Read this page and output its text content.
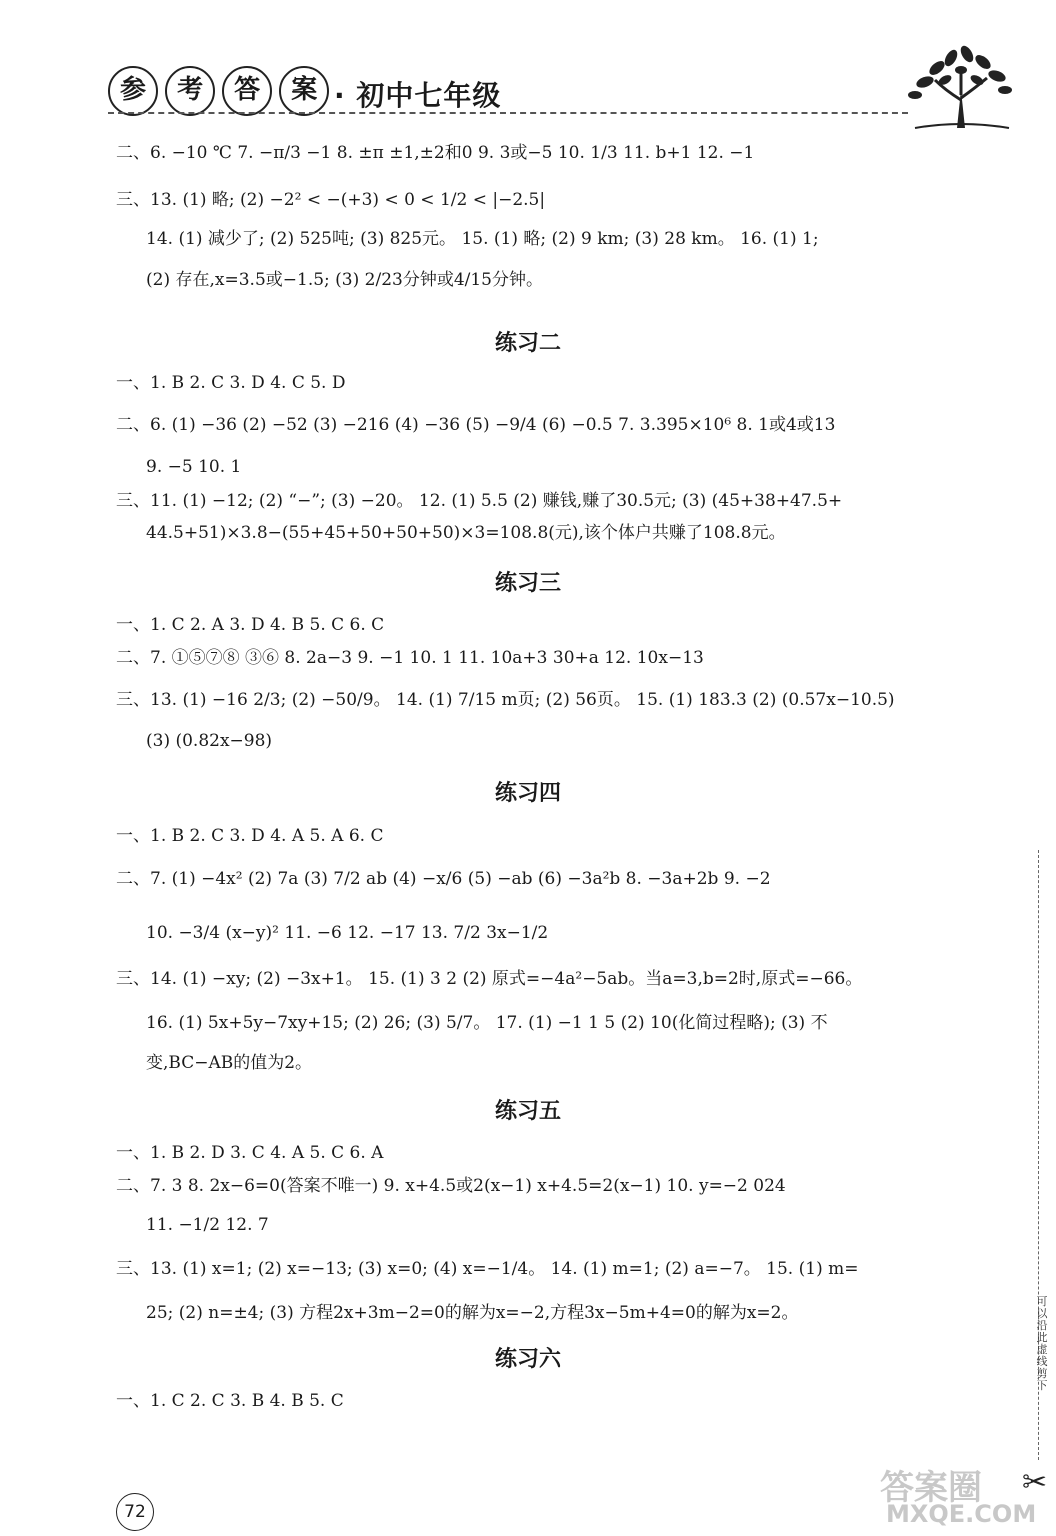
参 考 答 案 · 初中七年级
二、6. −10 ℃ 7. −π/3 −1 8. ±π ±1,±2和0 9. 3或−5 10. 1/3 11. b+1 12. −1
三、13. (1) 略; (2) −2² < −(+3) < 0 < 1/2 < |−2.5|
14. (1) 减少了; (2) 525吨; (3) 825元。 15. (1) 略; (2) 9 km; (3) 28 km。 16. (1) 1;
(2) 存在,x=3.5或−1.5; (3) 2/23分钟或4/15分钟。
练习二
一、1. B 2. C 3. D 4. C 5. D
二、6. (1) −36 (2) −52 (3) −216 (4) −36 (5) −9/4 (6) −0.5 7. 3.395×10⁶ 8. 1或4或13
9. −5 10. 1
三、11. (1) −12; (2) “−”; (3) −20。 12. (1) 5.5 (2) 赚钱,赚了30.5元; (3) (45+38+47.5+
44.5+51)×3.8−(55+45+50+50+50)×3=108.8(元),该个体户共赚了108.8元。
练习三
一、1. C 2. A 3. D 4. B 5. C 6. C
二、7. ①⑤⑦⑧ ③⑥ 8. 2a−3 9. −1 10. 1 11. 10a+3 30+a 12. 10x−13
三、13. (1) −16 2/3; (2) −50/9。 14. (1) 7/15 m页; (2) 56页。 15. (1) 183.3 (2) (0.57x−10.5)
(3) (0.82x−98)
练习四
一、1. B 2. C 3. D 4. A 5. A 6. C
二、7. (1) −4x² (2) 7a (3) 7/2 ab (4) −x/6 (5) −ab (6) −3a²b 8. −3a+2b 9. −2
10. −3/4 (x−y)² 11. −6 12. −17 13. 7/2 3x−1/2
三、14. (1) −xy; (2) −3x+1。 15. (1) 3 2 (2) 原式=−4a²−5ab。当a=3,b=2时,原式=−66。
16. (1) 5x+5y−7xy+15; (2) 26; (3) 5/7。 17. (1) −1 1 5 (2) 10(化简过程略); (3) 不
变,BC−AB的值为2。
练习五
一、1. B 2. D 3. C 4. A 5. C 6. A
二、7. 3 8. 2x−6=0(答案不唯一) 9. x+4.5或2(x−1) x+4.5=2(x−1) 10. y=−2 024
11. −1/2 12. 7
三、13. (1) x=1; (2) x=−13; (3) x=0; (4) x=−1/4。 14. (1) m=1; (2) a=−7。 15. (1) m=
25; (2) n=±4; (3) 方程2x+3m−2=0的解为x=−2,方程3x−5m+4=0的解为x=2。
练习六
一、1. C 2. C 3. B 4. B 5. C
72
可以沿此虚线剪下
✂
答案圈
MXQE.COM
